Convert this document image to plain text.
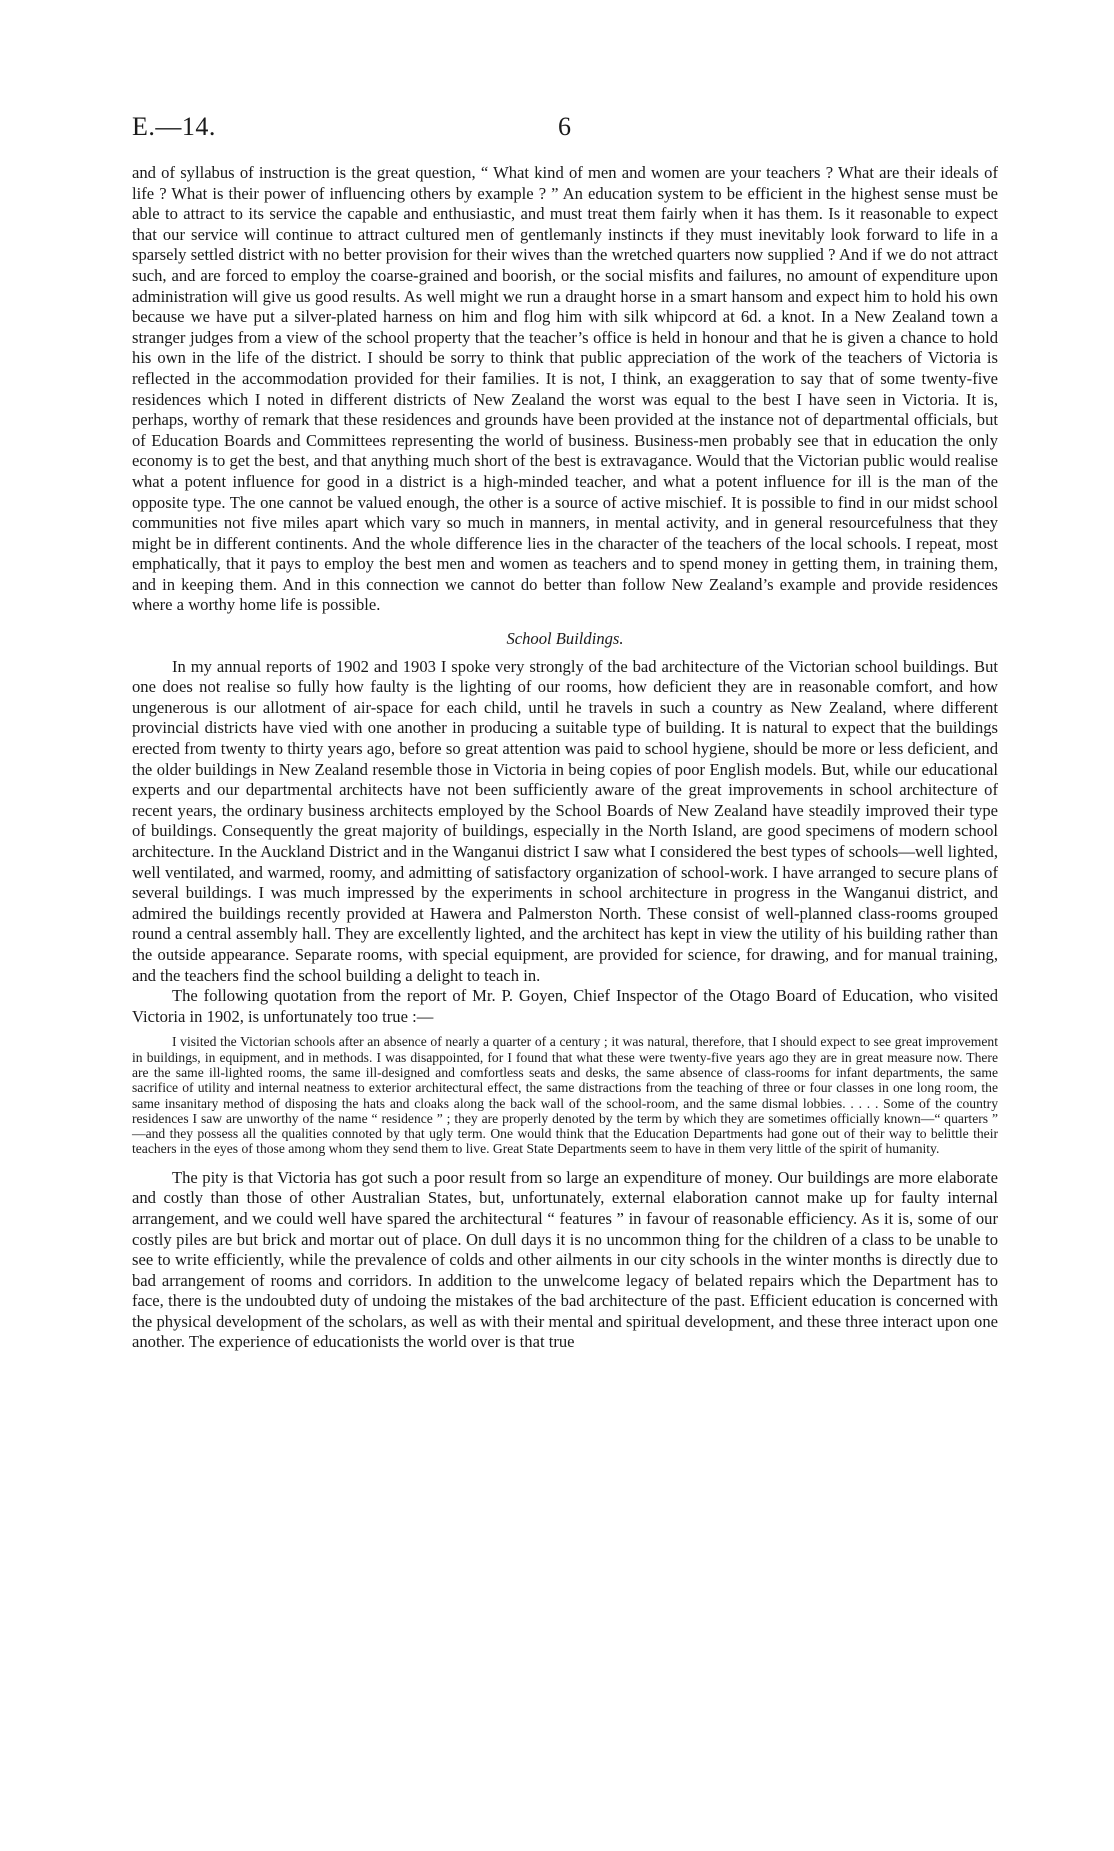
E.—14.	6

and of syllabus of instruction is the great question, “ What kind of men and women are your teachers ? What are their ideals of life ? What is their power of influencing others by example ? ” An education system to be efficient in the highest sense must be able to attract to its service the capable and enthusiastic, and must treat them fairly when it has them. Is it reasonable to expect that our service will continue to attract cultured men of gentlemanly instincts if they must inevitably look forward to life in a sparsely settled district with no better provision for their wives than the wretched quarters now supplied ? And if we do not attract such, and are forced to employ the coarse-grained and boorish, or the social misfits and failures, no amount of expenditure upon administration will give us good results. As well might we run a draught horse in a smart hansom and expect him to hold his own because we have put a silver-plated harness on him and flog him with silk whipcord at 6d. a knot. In a New Zealand town a stranger judges from a view of the school property that the teacher’s office is held in honour and that he is given a chance to hold his own in the life of the district. I should be sorry to think that public appreciation of the work of the teachers of Victoria is reflected in the accommodation provided for their families. It is not, I think, an exaggeration to say that of some twenty-five residences which I noted in different districts of New Zealand the worst was equal to the best I have seen in Victoria. It is, perhaps, worthy of remark that these residences and grounds have been provided at the instance not of departmental officials, but of Education Boards and Committees representing the world of business. Business-men probably see that in education the only economy is to get the best, and that anything much short of the best is extravagance. Would that the Victorian public would realise what a potent influence for good in a district is a high-minded teacher, and what a potent influence for ill is the man of the opposite type. The one cannot be valued enough, the other is a source of active mischief. It is possible to find in our midst school communities not five miles apart which vary so much in manners, in mental activity, and in general resourcefulness that they might be in different continents. And the whole difference lies in the character of the teachers of the local schools. I repeat, most emphatically, that it pays to employ the best men and women as teachers and to spend money in getting them, in training them, and in keeping them. And in this connection we cannot do better than follow New Zealand’s example and provide residences where a worthy home life is possible.

School Buildings.

In my annual reports of 1902 and 1903 I spoke very strongly of the bad architecture of the Victorian school buildings. But one does not realise so fully how faulty is the lighting of our rooms, how deficient they are in reasonable comfort, and how ungenerous is our allotment of air-space for each child, until he travels in such a country as New Zealand, where different provincial districts have vied with one another in producing a suitable type of building. It is natural to expect that the buildings erected from twenty to thirty years ago, before so great attention was paid to school hygiene, should be more or less deficient, and the older buildings in New Zealand resemble those in Victoria in being copies of poor English models. But, while our educational experts and our departmental architects have not been sufficiently aware of the great improvements in school architecture of recent years, the ordinary business architects employed by the School Boards of New Zealand have steadily improved their type of buildings. Consequently the great majority of buildings, especially in the North Island, are good specimens of modern school architecture. In the Auckland District and in the Wanganui district I saw what I considered the best types of schools—well lighted, well ventilated, and warmed, roomy, and admitting of satisfactory organization of school-work. I have arranged to secure plans of several buildings. I was much impressed by the experiments in school architecture in progress in the Wanganui district, and admired the buildings recently provided at Hawera and Palmerston North. These consist of well-planned class-rooms grouped round a central assembly hall. They are excellently lighted, and the architect has kept in view the utility of his building rather than the outside appearance. Separate rooms, with special equipment, are provided for science, for drawing, and for manual training, and the teachers find the school building a delight to teach in.

The following quotation from the report of Mr. P. Goyen, Chief Inspector of the Otago Board of Education, who visited Victoria in 1902, is unfortunately too true :—

I visited the Victorian schools after an absence of nearly a quarter of a century ; it was natural, therefore, that I should expect to see great improvement in buildings, in equipment, and in methods. I was disappointed, for I found that what these were twenty-five years ago they are in great measure now. There are the same ill-lighted rooms, the same ill-designed and comfortless seats and desks, the same absence of class-rooms for infant departments, the same sacrifice of utility and internal neatness to exterior architectural effect, the same distractions from the teaching of three or four classes in one long room, the same insanitary method of disposing the hats and cloaks along the back wall of the school-room, and the same dismal lobbies. . . . . Some of the country residences I saw are unworthy of the name “ residence ” ; they are properly denoted by the term by which they are sometimes officially known—“ quarters ” —and they possess all the qualities connoted by that ugly term. One would think that the Education Departments had gone out of their way to belittle their teachers in the eyes of those among whom they send them to live. Great State Departments seem to have in them very little of the spirit of humanity.

The pity is that Victoria has got such a poor result from so large an expenditure of money. Our buildings are more elaborate and costly than those of other Australian States, but, unfortunately, external elaboration cannot make up for faulty internal arrangement, and we could well have spared the architectural “ features ” in favour of reasonable efficiency. As it is, some of our costly piles are but brick and mortar out of place. On dull days it is no uncommon thing for the children of a class to be unable to see to write efficiently, while the prevalence of colds and other ailments in our city schools in the winter months is directly due to bad arrangement of rooms and corridors. In addition to the unwelcome legacy of belated repairs which the Department has to face, there is the undoubted duty of undoing the mistakes of the bad architecture of the past. Efficient education is concerned with the physical development of the scholars, as well as with their mental and spiritual development, and these three interact upon one another. The experience of educationists the world over is that true
